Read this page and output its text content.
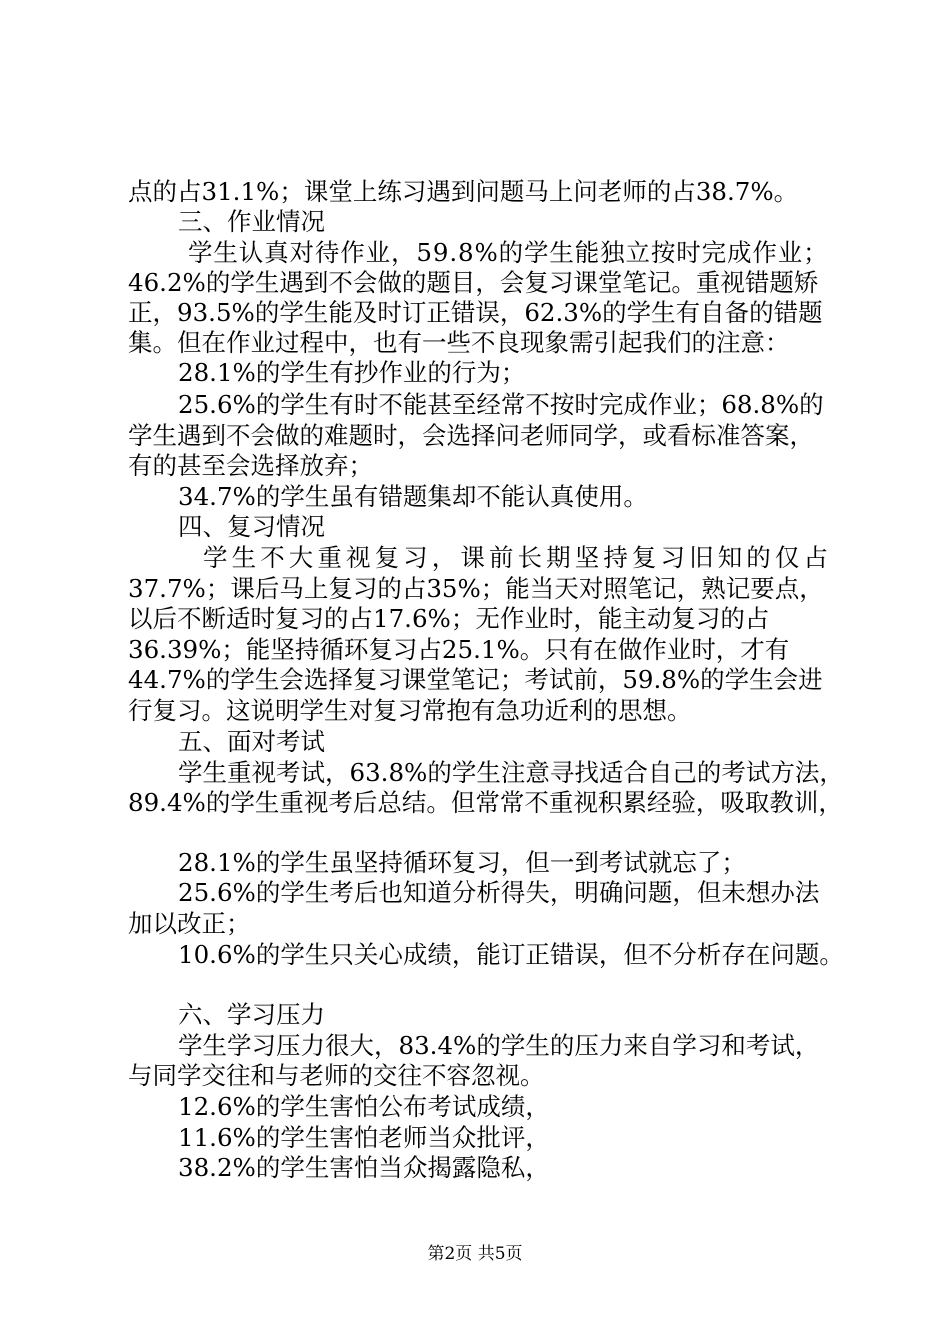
点的占31.1%；课堂上练习遇到问题马上问老师的占38.7%。
三、作业情况
学 生 认 真 对 待 作 业 ， 5 9 . 8 % 的 学 生 能 独 立 按 时 完 成 作 业 ；
46.2%的学生遇到不会做的题目，会复习课堂笔记。重视错题矫
正，93.5%的学生能及时订正错误，62.3%的学生有自备的错题
集。但在作业过程中，也有一些不良现象需引起我们的注意：
28.1%的学生有抄作业的行为；
25.6%的学生有时不能甚至经常不按时完成作业；68.8%的
学生遇到不会做的难题时，会选择问老师同学，或看标准答案，
有的甚至会选择放弃；
34.7%的学生虽有错题集却不能认真使用。
四、复习情况
学 生 不 大 重 视 复 习 ， 课 前 长 期 坚 持 复 习 旧 知 的 仅 占
37.7%；课后马上复习的占35%；能当天对照笔记，熟记要点，
以后不断适时复习的占17.6%；无作业时，能主动复习的占
36.39%；能坚持循环复习占25.1%。只有在做作业时，才有
44.7%的学生会选择复习课堂笔记；考试前，59.8%的学生会进
行复习。这说明学生对复习常抱有急功近利的思想。
五、面对考试
学生重视考试，63.8%的学生注意寻找适合自己的考试方法，
89.4%的学生重视考后总结。但常常不重视积累经验，吸取教训，
28.1%的学生虽坚持循环复习，但一到考试就忘了；
25.6%的学生考后也知道分析得失，明确问题，但未想办法
加以改正；
10.6%的学生只关心成绩，能订正错误，但不分析存在问题。
六、学习压力
学生学习压力很大，83.4%的学生的压力来自学习和考试，
与同学交往和与老师的交往不容忽视。
12.6%的学生害怕公布考试成绩，
11.6%的学生害怕老师当众批评，
38.2%的学生害怕当众揭露隐私，
第2页 共5页
